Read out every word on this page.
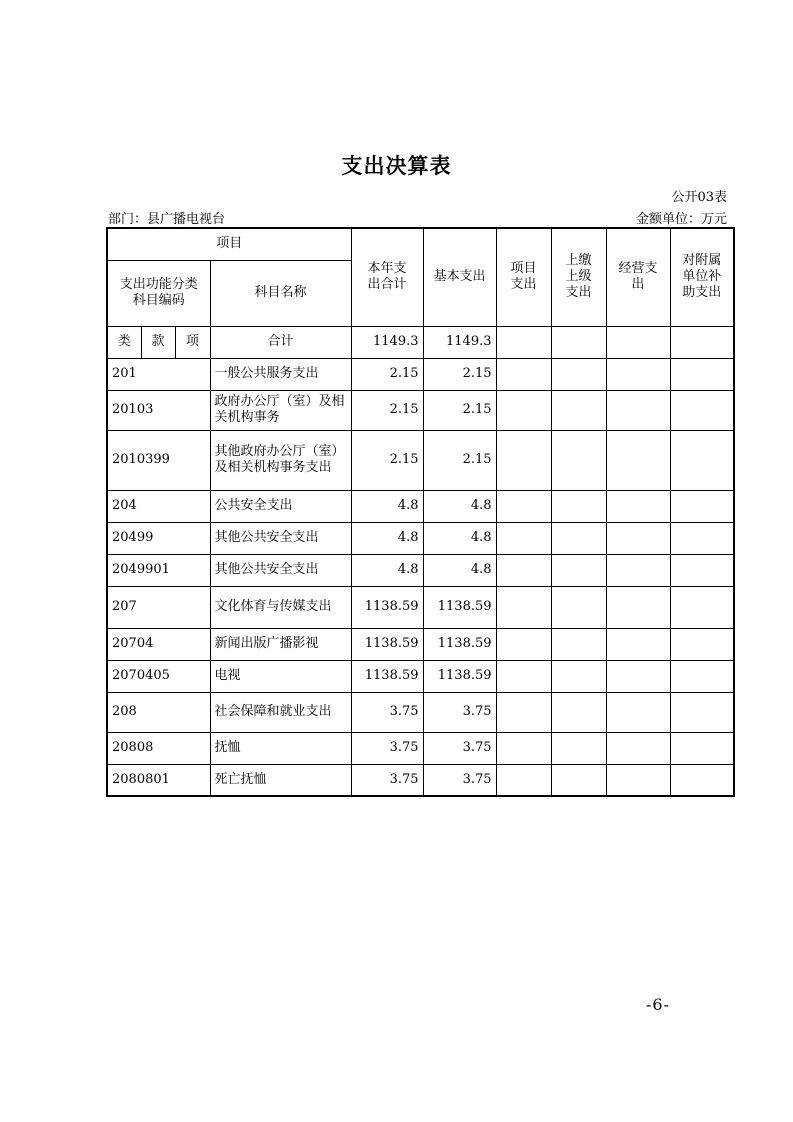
支出决算表
公开03表
部门：县广播电视台	金额单位：万元
项目				本年支出合计	基本支出	项目支出	上缴上级支出	经营支出	对附属单位补助支出
支出功能分类科目编码			科目名称						
类	款	项	合计	1149.3	1149.3				
201			一般公共服务支出	2.15	2.15				
20103			政府办公厅（室）及相关机构事务	2.15	2.15				
2010399			其他政府办公厅（室）及相关机构事务支出	2.15	2.15				
204			公共安全支出	4.8	4.8				
20499			其他公共安全支出	4.8	4.8				
2049901			其他公共安全支出	4.8	4.8				
207			文化体育与传媒支出	1138.59	1138.59				
20704			新闻出版广播影视	1138.59	1138.59				
2070405			电视	1138.59	1138.59				
208			社会保障和就业支出	3.75	3.75				
20808			抚恤	3.75	3.75				
2080801			死亡抚恤	3.75	3.75				
-6-
